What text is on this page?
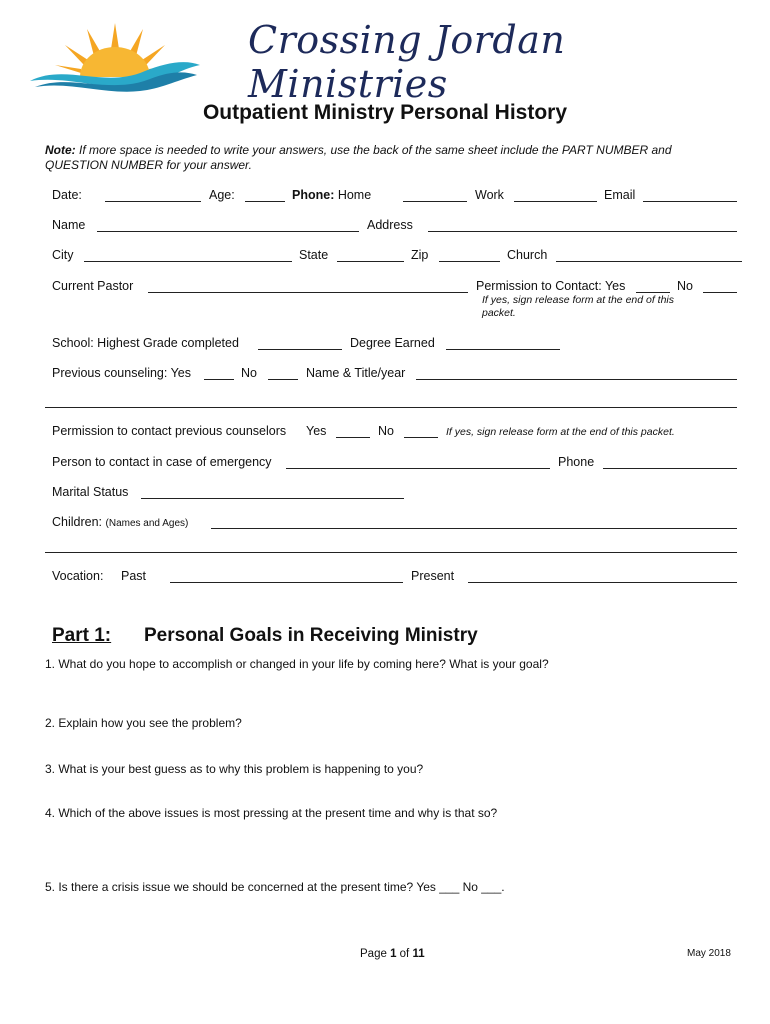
Crossing Jordan Ministries
Outpatient Ministry Personal History
Note: If more space is needed to write your answers, use the back of the same sheet include the PART NUMBER and QUESTION NUMBER for your answer.
Date:	Age:	Phone: Home	Work	Email
Name	Address
City	State	Zip	Church
Current Pastor	Permission to Contact: Yes	No
If yes, sign release form at the end of this packet.
School: Highest Grade completed	Degree Earned
Previous counseling: Yes	No	Name & Title/year
Permission to contact previous counselors Yes	No	If yes, sign release form at the end of this packet.
Person to contact in case of emergency	Phone
Marital Status
Children: (Names and Ages)
Vocation: Past	Present
Part 1: Personal Goals in Receiving Ministry
1. What do you hope to accomplish or changed in your life by coming here? What is your goal?
2. Explain how you see the problem?
3. What is your best guess as to why this problem is happening to you?
4. Which of the above issues is most pressing at the present time and why is that so?
5. Is there a crisis issue we should be concerned at the present time? Yes ___ No ___.
Page 1 of 11	May 2018
